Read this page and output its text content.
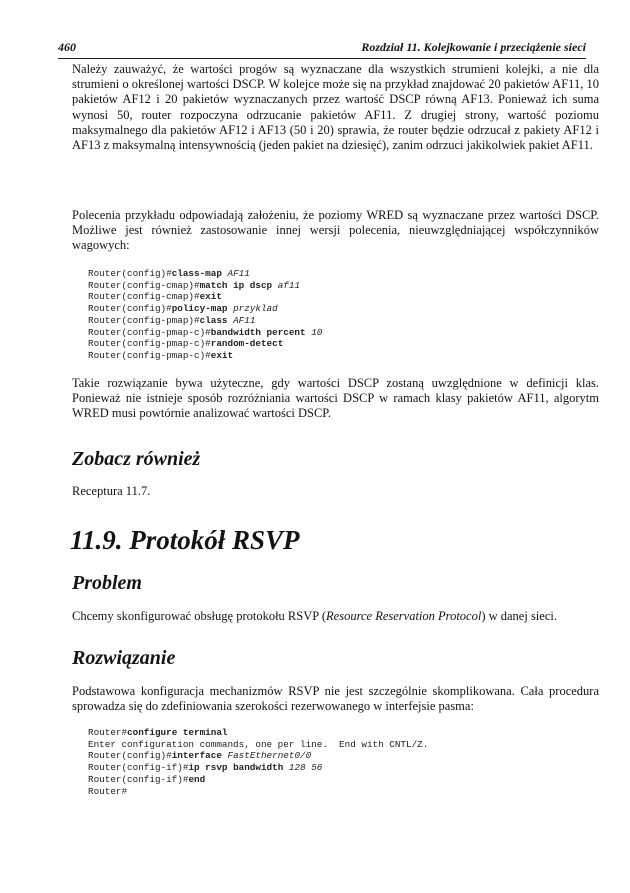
460	Rozdział 11. Kolejkowanie i przeciążenie sieci

Należy zauważyć, że wartości progów są wyznaczane dla wszystkich strumieni kolejki, a nie dla strumieni o określonej wartości DSCP. W kolejce może się na przykład znajdować 20 pakietów AF11, 10 pakietów AF12 i 20 pakietów wyznaczanych przez wartość DSCP równą AF13. Ponieważ ich suma wynosi 50, router rozpoczyna odrzucanie pakietów AF11. Z drugiej strony, wartość poziomu maksymalnego dla pakietów AF12 i AF13 (50 i 20) sprawia, że router będzie odrzucał z pakiety AF12 i AF13 z maksymalną intensywnością (jeden pakiet na dziesięć), zanim odrzuci jakikolwiek pakiet AF11.

Polecenia przykładu odpowiadają założeniu, że poziomy WRED są wyznaczane przez wartości DSCP. Możliwe jest również zastosowanie innej wersji polecenia, nieuwzględniającej współczynników wagowych:

Router(config)#class-map AF11
Router(config-cmap)#match ip dscp af11
Router(config-cmap)#exit
Router(config)#policy-map przyklad
Router(config-pmap)#class AF11
Router(config-pmap-c)#bandwidth percent 10
Router(config-pmap-c)#random-detect
Router(config-pmap-c)#exit

Takie rozwiązanie bywa użyteczne, gdy wartości DSCP zostaną uwzględnione w definicji klas. Ponieważ nie istnieje sposób rozróżniania wartości DSCP w ramach klasy pakietów AF11, algorytm WRED musi powtórnie analizować wartości DSCP.

Zobacz również

Receptura 11.7.

11.9. Protokół RSVP
Problem

Chcemy skonfigurować obsługę protokołu RSVP (Resource Reservation Protocol) w danej sieci.

Rozwiązanie

Podstawowa konfiguracja mechanizmów RSVP nie jest szczególnie skomplikowana. Cała procedura sprowadza się do zdefiniowania szerokości rezerwowanego w interfejsie pasma:

Router#configure terminal
Enter configuration commands, one per line.  End with CNTL/Z.
Router(config)#interface FastEthernet0/0
Router(config-if)#ip rsvp bandwidth 128 56
Router(config-if)#end
Router#
